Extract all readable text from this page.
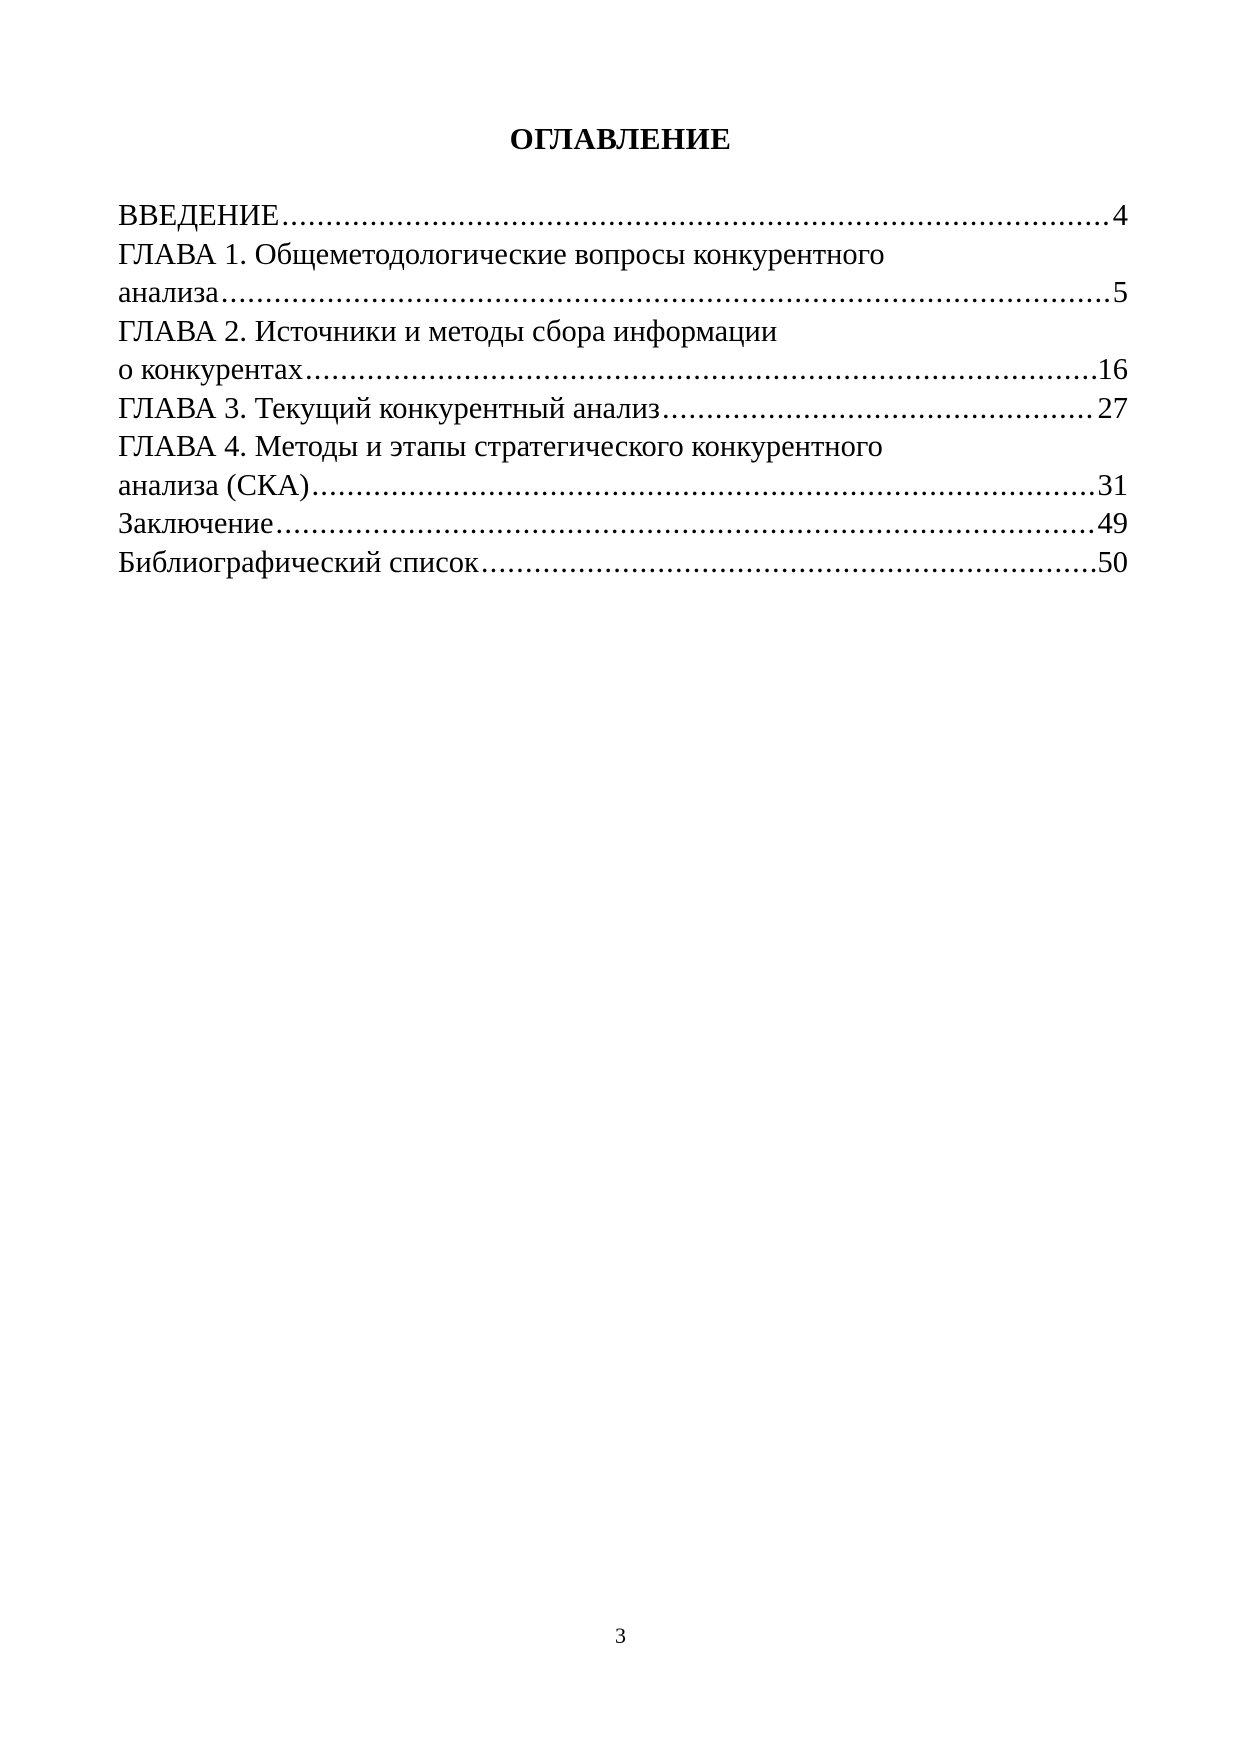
ОГЛАВЛЕНИЕ
ВВЕДЕНИЕ .....	4
ГЛАВА 1. Общеметодологические вопросы конкурентного
анализа .....	5
ГЛАВА 2. Источники и методы сбора информации
о конкурентах .....	16
ГЛАВА 3. Текущий конкурентный анализ .....	27
ГЛАВА 4. Методы и этапы стратегического конкурентного
анализа (СКА) .....	31
Заключение .....	49
Библиографический список .....	50
3
